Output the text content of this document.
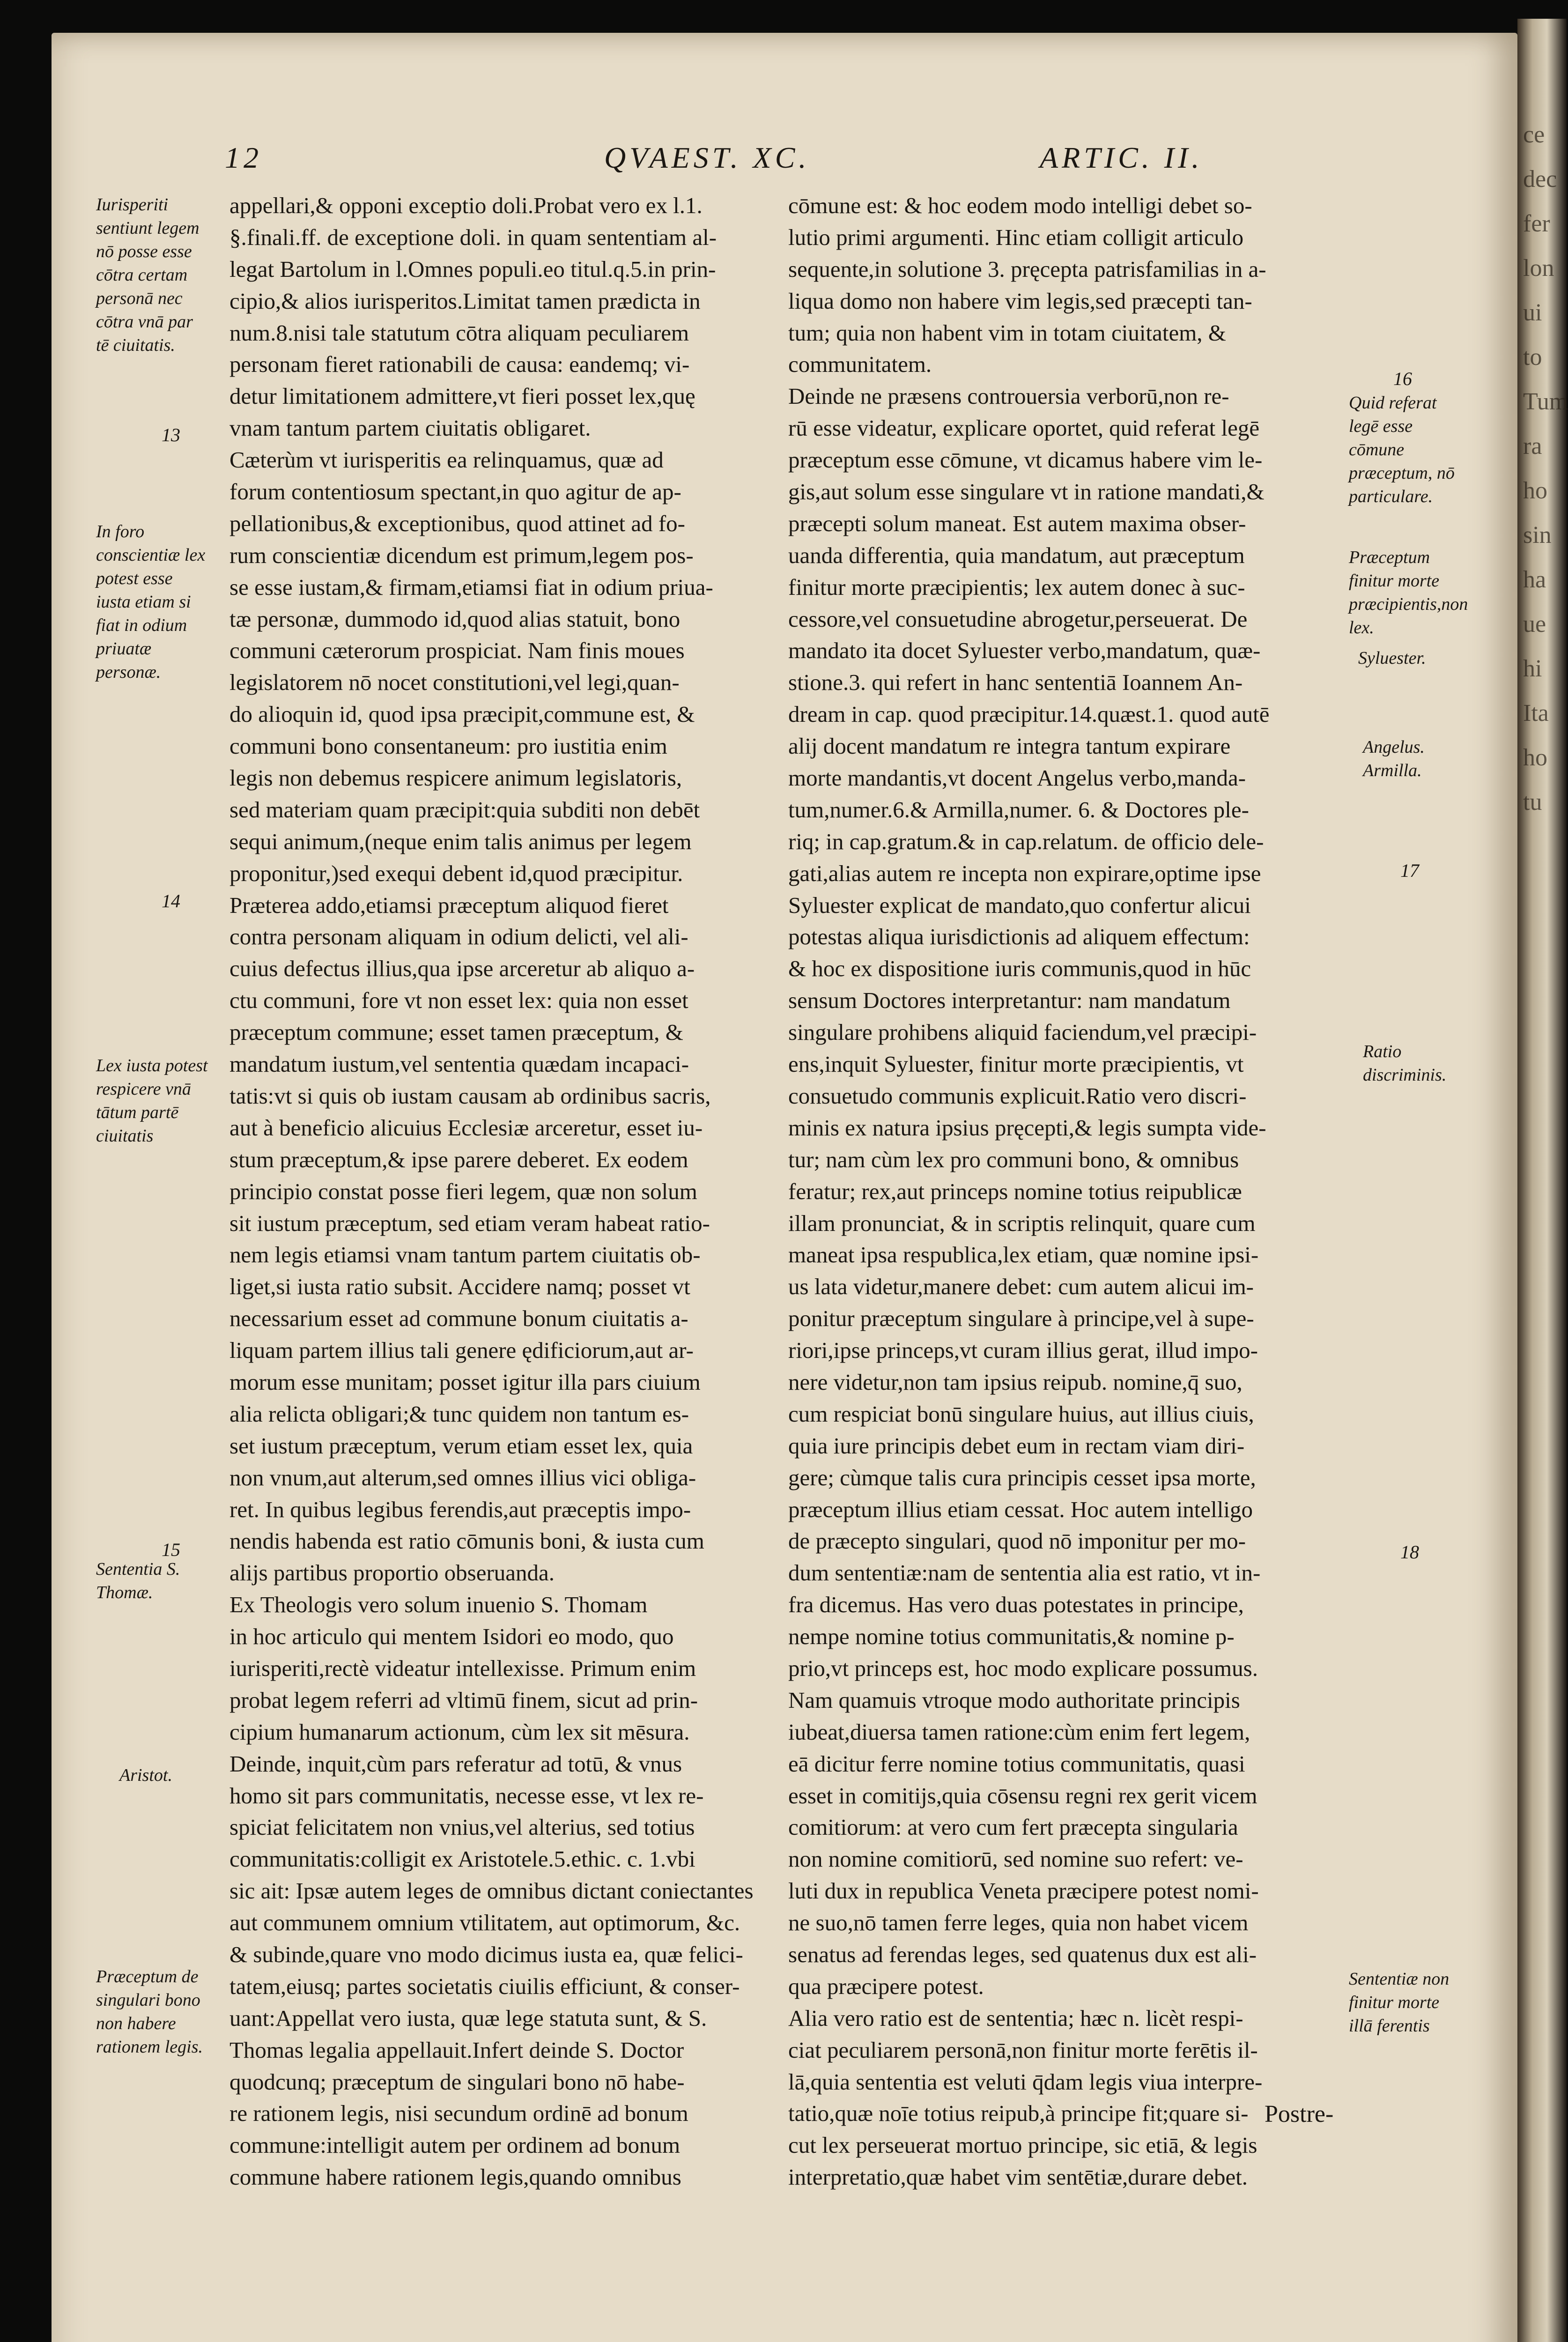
ce
dec
fer
lon
ui
to
Tum
ra
ho
sin
ha
ue
hi
Ita
ho
tu
12	QVAEST. XC.	ARTIC. II.
appellari,& opponi exceptio doli.Probat vero ex l.1.
§.finali.ff. de exceptione doli. in quam sententiam al-
legat Bartolum in l.Omnes populi.eo titul.q.5.in prin-
cipio,& alios iurisperitos.Limitat tamen prædicta in
num.8.nisi tale statutum cōtra aliquam peculiarem
personam fieret rationabili de causa: eandemq; vi-
detur limitationem admittere,vt fieri posset lex,quę
vnam tantum partem ciuitatis obligaret.
Cæterùm vt iurisperitis ea relinquamus, quæ ad
forum contentiosum spectant,in quo agitur de ap-
pellationibus,& exceptionibus, quod attinet ad fo-
rum conscientiæ dicendum est primum,legem pos-
se esse iustam,& firmam,etiamsi fiat in odium priua-
tæ personæ, dummodo id,quod alias statuit, bono
communi cæterorum prospiciat. Nam finis moues
legislatorem nō nocet constitutioni,vel legi,quan-
do alioquin id, quod ipsa præcipit,commune est, &
communi bono consentaneum: pro iustitia enim
legis non debemus respicere animum legislatoris,
sed materiam quam præcipit:quia subditi non debēt
sequi animum,(neque enim talis animus per legem
proponitur,)sed exequi debent id,quod præcipitur.
Præterea addo,etiamsi præceptum aliquod fieret
contra personam aliquam in odium delicti, vel ali-
cuius defectus illius,qua ipse arceretur ab aliquo a-
ctu communi, fore vt non esset lex: quia non esset
præceptum commune; esset tamen præceptum, &
mandatum iustum,vel sententia quædam incapaci-
tatis:vt si quis ob iustam causam ab ordinibus sacris,
aut à beneficio alicuius Ecclesiæ arceretur, esset iu-
stum præceptum,& ipse parere deberet. Ex eodem
principio constat posse fieri legem, quæ non solum
sit iustum præceptum, sed etiam veram habeat ratio-
nem legis etiamsi vnam tantum partem ciuitatis ob-
liget,si iusta ratio subsit. Accidere namq; posset vt
necessarium esset ad commune bonum ciuitatis a-
liquam partem illius tali genere ędificiorum,aut ar-
morum esse munitam; posset igitur illa pars ciuium
alia relicta obligari;& tunc quidem non tantum es-
set iustum præceptum, verum etiam esset lex, quia
non vnum,aut alterum,sed omnes illius vici obliga-
ret. In quibus legibus ferendis,aut præceptis impo-
nendis habenda est ratio cōmunis boni, & iusta cum
alijs partibus proportio obseruanda.
Ex Theologis vero solum inuenio S. Thomam
in hoc articulo qui mentem Isidori eo modo, quo
iurisperiti,rectè videatur intellexisse. Primum enim
probat legem referri ad vltimū finem, sicut ad prin-
cipium humanarum actionum, cùm lex sit mēsura.
Deinde, inquit,cùm pars referatur ad totū, & vnus
homo sit pars communitatis, necesse esse, vt lex re-
spiciat felicitatem non vnius,vel alterius, sed totius
communitatis:colligit ex Aristotele.5.ethic. c. 1.vbi
sic ait: Ipsæ autem leges de omnibus dictant coniectantes
aut communem omnium vtilitatem, aut optimorum, &c.
& subinde,quare vno modo dicimus iusta ea, quæ felici-
tatem,eiusq; partes societatis ciuilis efficiunt, & conser-
uant:Appellat vero iusta, quæ lege statuta sunt, & S.
Thomas legalia appellauit.Infert deinde S. Doctor
quodcunq; præceptum de singulari bono nō habe-
re rationem legis, nisi secundum ordinē ad bonum
commune:intelligit autem per ordinem ad bonum
commune habere rationem legis,quando omnibus
cōmune est: & hoc eodem modo intelligi debet so-
lutio primi argumenti. Hinc etiam colligit articulo
sequente,in solutione 3. pręcepta patrisfamilias in a-
liqua domo non habere vim legis,sed præcepti tan-
tum; quia non habent vim in totam ciuitatem, &
communitatem.
Deinde ne præsens controuersia verborū,non re-
rū esse videatur, explicare oportet, quid referat legē
præceptum esse cōmune, vt dicamus habere vim le-
gis,aut solum esse singulare vt in ratione mandati,&
præcepti solum maneat. Est autem maxima obser-
uanda differentia, quia mandatum, aut præceptum
finitur morte præcipientis; lex autem donec à suc-
cessore,vel consuetudine abrogetur,perseuerat. De
mandato ita docet Syluester verbo,mandatum, quæ-
stione.3. qui refert in hanc sententiā Ioannem An-
dream in cap. quod præcipitur.14.quæst.1. quod autē
alij docent mandatum re integra tantum expirare
morte mandantis,vt docent Angelus verbo,manda-
tum,numer.6.& Armilla,numer. 6. & Doctores ple-
riq; in cap.gratum.& in cap.relatum. de officio dele-
gati,alias autem re incepta non expirare,optime ipse
Syluester explicat de mandato,quo confertur alicui
potestas aliqua iurisdictionis ad aliquem effectum:
& hoc ex dispositione iuris communis,quod in hūc
sensum Doctores interpretantur: nam mandatum
singulare prohibens aliquid faciendum,vel præcipi-
ens,inquit Syluester, finitur morte præcipientis, vt
consuetudo communis explicuit.Ratio vero discri-
minis ex natura ipsius pręcepti,& legis sumpta vide-
tur; nam cùm lex pro communi bono, & omnibus
feratur; rex,aut princeps nomine totius reipublicæ
illam pronunciat, & in scriptis relinquit, quare cum
maneat ipsa respublica,lex etiam, quæ nomine ipsi-
us lata videtur,manere debet: cum autem alicui im-
ponitur præceptum singulare à principe,vel à supe-
riori,ipse princeps,vt curam illius gerat, illud impo-
nere videtur,non tam ipsius reipub. nomine,q̄ suo,
cum respiciat bonū singulare huius, aut illius ciuis,
quia iure principis debet eum in rectam viam diri-
gere; cùmque talis cura principis cesset ipsa morte,
præceptum illius etiam cessat. Hoc autem intelligo
de præcepto singulari, quod nō imponitur per mo-
dum sententiæ:nam de sententia alia est ratio, vt in-
fra dicemus. Has vero duas potestates in principe,
nempe nomine totius communitatis,& nomine p-
prio,vt princeps est, hoc modo explicare possumus.
Nam quamuis vtroque modo authoritate principis
iubeat,diuersa tamen ratione:cùm enim fert legem,
eā dicitur ferre nomine totius communitatis, quasi
esset in comitijs,quia cōsensu regni rex gerit vicem
comitiorum: at vero cum fert præcepta singularia
non nomine comitiorū, sed nomine suo refert: ve-
luti dux in republica Veneta præcipere potest nomi-
ne suo,nō tamen ferre leges, quia non habet vicem
senatus ad ferendas leges, sed quatenus dux est ali-
qua præcipere potest.
Alia vero ratio est de sententia; hæc n. licèt respi-
ciat peculiarem personā,non finitur morte ferētis il-
lā,quia sententia est veluti q̄dam legis viua interpre-
tatio,quæ noīe totius reipub,à principe fit;quare si-
cut lex perseuerat mortuo principe, sic etiā, & legis
interpretatio,quæ habet vim sentētiæ,durare debet.
Iurisperiti sentiunt legem nō posse esse cōtra certam personā nec cōtra vnā par tē ciuitatis.
13
In foro conscientiæ lex potest esse iusta etiam si fiat in odium priuatæ personæ.
14
Lex iusta potest respicere vnā tātum partē ciuitatis
15
Sententia S. Thomæ.
Aristot.
Præceptum de singulari bono non habere rationem legis.
16
Quid referat legē esse cōmune præceptum, nō particulare.
Præceptum finitur morte præcipientis,non lex.
Syluester.
Angelus. Armilla.
17
Ratio discriminis.
18
Sententiæ non finitur morte illā ferentis
Postre-
